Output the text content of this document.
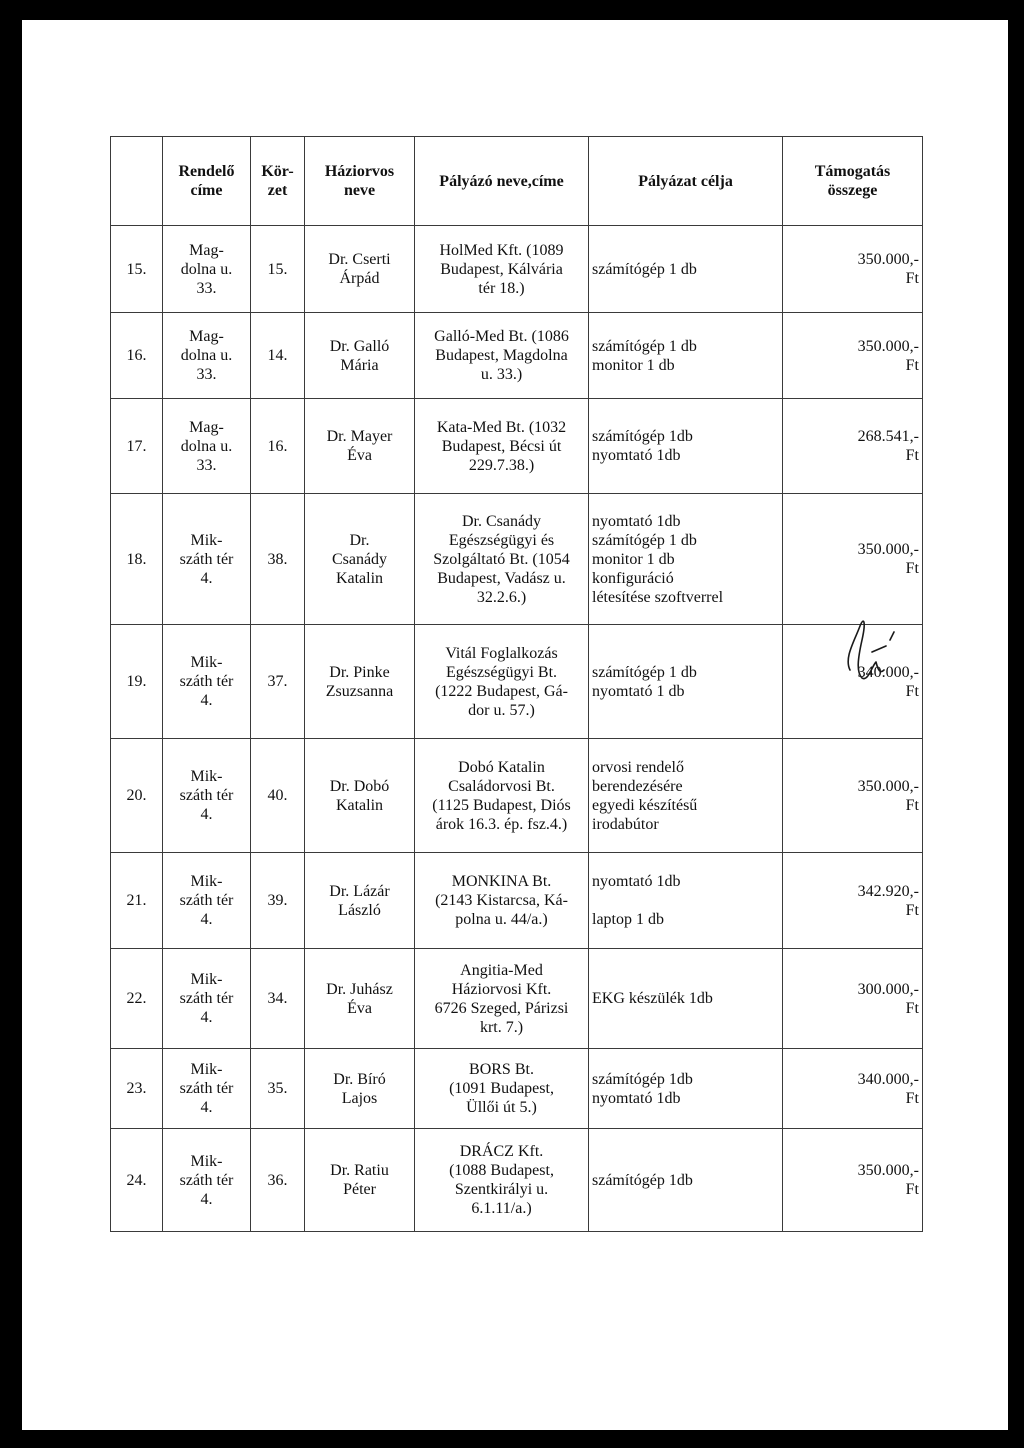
	Rendelő
címe	Kör-
zet	Háziorvos
neve	Pályázó neve,címe	Pályázat célja	Támogatás
összege
15.	Mag-
dolna u.
33.	15.	Dr. Cserti
Árpád	HolMed Kft. (1089
Budapest, Kálvária
tér 18.)	számítógép 1 db	350.000,-
Ft
16.	Mag-
dolna u.
33.	14.	Dr. Galló
Mária	Galló-Med Bt. (1086
Budapest, Magdolna
u. 33.)	számítógép 1 db
monitor 1 db	350.000,-
Ft
17.	Mag-
dolna u.
33.	16.	Dr. Mayer
Éva	Kata-Med Bt. (1032
Budapest, Bécsi út
229.7.38.)	számítógép 1db
nyomtató 1db	268.541,-
Ft
18.	Mik-
száth tér
4.	38.	Dr.
Csanády
Katalin	Dr. Csanády
Egészségügyi és
Szolgáltató Bt. (1054
Budapest, Vadász u.
32.2.6.)	nyomtató 1db
számítógép 1 db
monitor 1 db
konfiguráció
létesítése szoftverrel	350.000,-
Ft
19.	Mik-
száth tér
4.	37.	Dr. Pinke
Zsuzsanna	Vitál Foglalkozás
Egészségügyi Bt.
(1222 Budapest, Gá-
dor u. 57.)	számítógép 1 db
nyomtató 1 db	340.000,-
Ft
20.	Mik-
száth tér
4.	40.	Dr. Dobó
Katalin	Dobó Katalin
Családorvosi Bt.
(1125 Budapest, Diós
árok 16.3. ép. fsz.4.)	orvosi rendelő
berendezésére
egyedi készítésű
irodabútor	350.000,-
Ft
21.	Mik-
száth tér
4.	39.	Dr. Lázár
László	MONKINA Bt.
(2143 Kistarcsa, Ká-
polna u. 44/a.)	nyomtató 1db

laptop 1 db	342.920,-
Ft
22.	Mik-
száth tér
4.	34.	Dr. Juhász
Éva	Angitia-Med
Háziorvosi Kft.
6726 Szeged, Párizsi
krt. 7.)	EKG készülék 1db	300.000,-
Ft
23.	Mik-
száth tér
4.	35.	Dr. Bíró
Lajos	BORS Bt.
(1091 Budapest,
Üllői út 5.)	számítógép 1db
nyomtató 1db	340.000,-
Ft
24.	Mik-
száth tér
4.	36.	Dr. Ratiu
Péter	DRÁCZ Kft.
(1088 Budapest,
Szentkirályi u.
6.1.11/a.)	számítógép 1db	350.000,-
Ft
